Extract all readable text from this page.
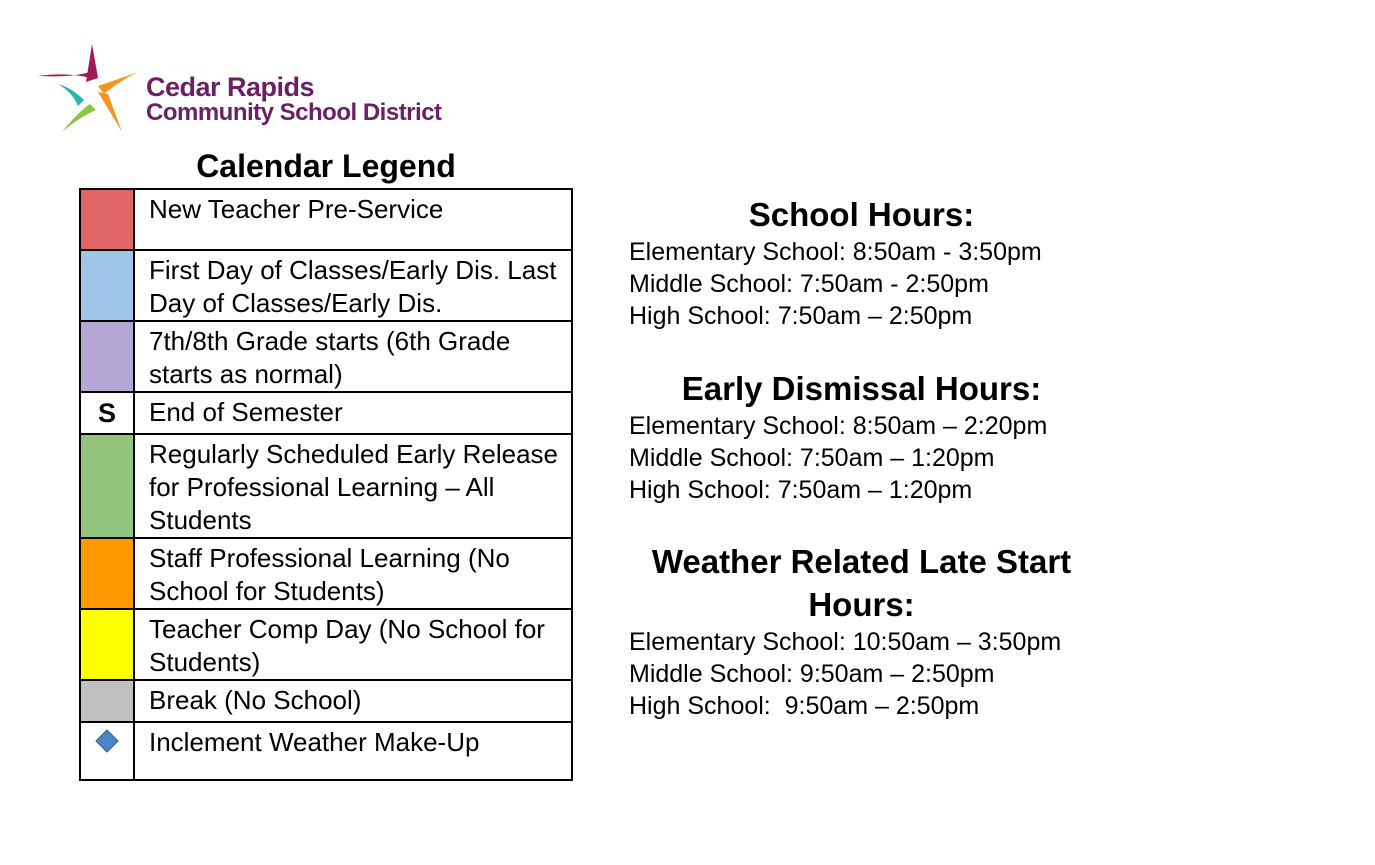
Cedar Rapids
Community School District
Calendar Legend
	New Teacher Pre-Service
	First Day of Classes/Early Dis. Last Day of Classes/Early Dis.
	7th/8th Grade starts (6th Grade starts as normal)

S	End of Semester
	Regularly Scheduled Early Release for Professional Learning – All Students
	Staff Professional Learning (No School for Students)
	Teacher Comp Day (No School for Students)
	Break (No School)

	Inclement Weather Make-Up
School Hours:
Elementary School: 8:50am - 3:50pm
Middle School: 7:50am - 2:50pm
High School: 7:50am – 2:50pm
Early Dismissal Hours:
Elementary School: 8:50am – 2:20pm
Middle School: 7:50am – 1:20pm
High School: 7:50am – 1:20pm
Weather Related Late Start Hours:
Elementary School: 10:50am – 3:50pm
Middle School: 9:50am – 2:50pm
High School:  9:50am – 2:50pm
